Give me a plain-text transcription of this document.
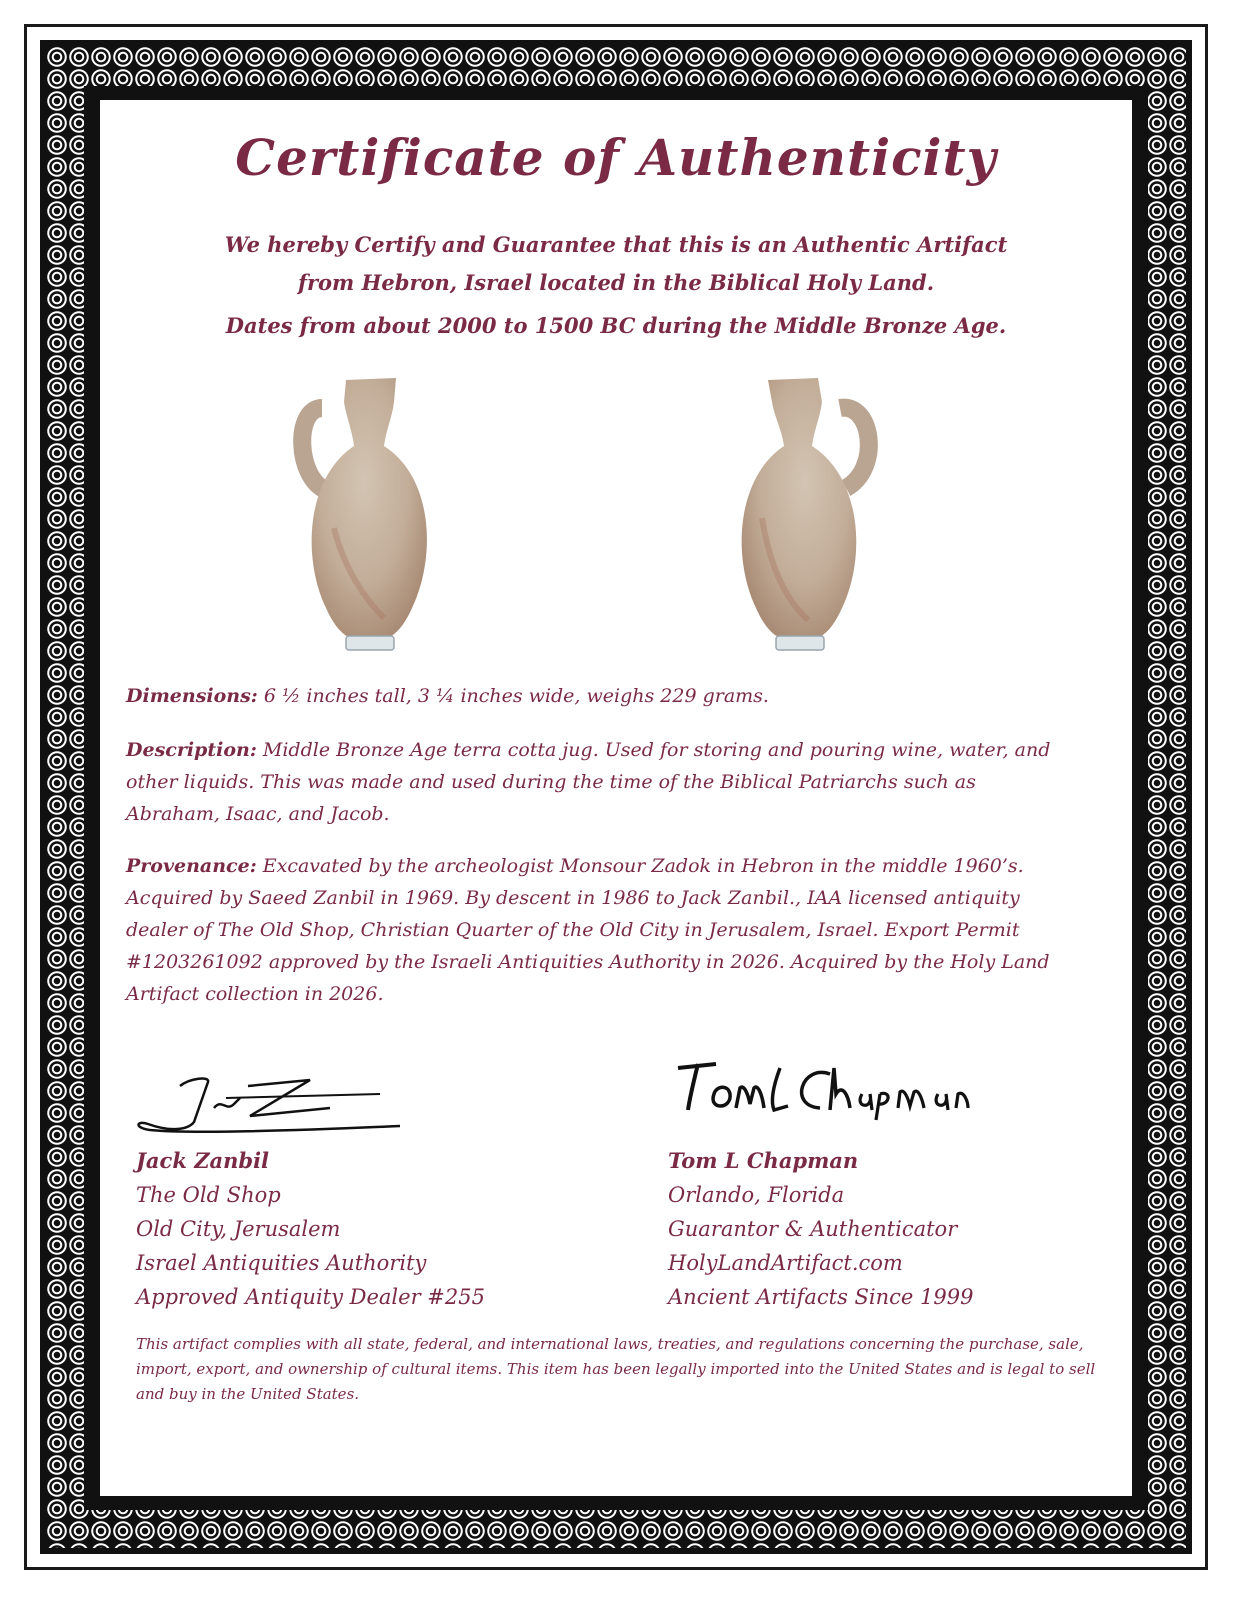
Certificate of Authenticity
We hereby Certify and Guarantee that this is an Authentic Artifact
from Hebron, Israel located in the Biblical Holy Land.
Dates from about 2000 to 1500 BC during the Middle Bronze Age.
Dimensions: 6 ½ inches tall, 3 ¼ inches wide, weighs 229 grams.
Description: Middle Bronze Age terra cotta jug. Used for storing and pouring wine, water, and other liquids. This was made and used during the time of the Biblical Patriarchs such as Abraham, Isaac, and Jacob.
Provenance: Excavated by the archeologist Monsour Zadok in Hebron in the middle 1960’s. Acquired by Saeed Zanbil in 1969. By descent in 1986 to Jack Zanbil., IAA licensed antiquity dealer of The Old Shop, Christian Quarter of the Old City in Jerusalem, Israel. Export Permit #1203261092 approved by the Israeli Antiquities Authority in 2026. Acquired by the Holy Land Artifact collection in 2026.
Jack Zanbil
The Old Shop
Old City, Jerusalem
Israel Antiquities Authority
Approved Antiquity Dealer #255
Tom L Chapman
Orlando, Florida
Guarantor & Authenticator
HolyLandArtifact.com
Ancient Artifacts Since 1999
This artifact complies with all state, federal, and international laws, treaties, and regulations concerning the purchase, sale, import, export, and ownership of cultural items. This item has been legally imported into the United States and is legal to sell and buy in the United States.
